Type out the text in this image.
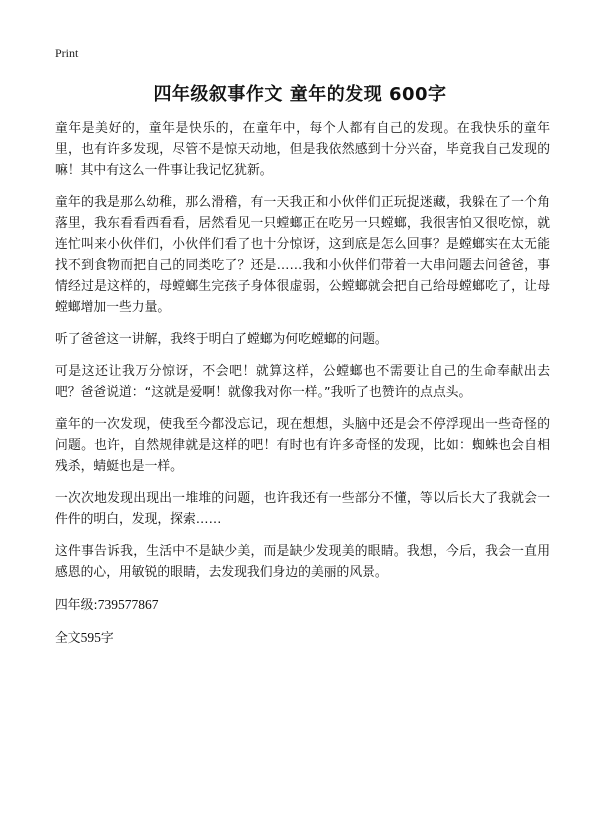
Print
四年级叙事作文 童年的发现 600字

童年是美好的，童年是快乐的，在童年中，每个人都有自己的发现。在我快乐的童年里，也有许多发现，尽管不是惊天动地，但是我依然感到十分兴奋，毕竟我自己发现的嘛！其中有这么一件事让我记忆犹新。

童年的我是那么幼稚，那么滑稽，有一天我正和小伙伴们正玩捉迷藏，我躲在了一个角落里，我东看看西看看，居然看见一只螳螂正在吃另一只螳螂，我很害怕又很吃惊，就连忙叫来小伙伴们，小伙伴们看了也十分惊讶，这到底是怎么回事？是螳螂实在太无能找不到食物而把自己的同类吃了？还是……我和小伙伴们带着一大串问题去问爸爸，事情经过是这样的，母螳螂生完孩子身体很虚弱，公螳螂就会把自己给母螳螂吃了，让母螳螂增加一些力量。

听了爸爸这一讲解，我终于明白了螳螂为何吃螳螂的问题。

可是这还让我万分惊讶，不会吧！就算这样，公螳螂也不需要让自己的生命奉献出去吧？爸爸说道：“这就是爱啊！就像我对你一样。”我听了也赞许的点点头。

童年的一次发现，使我至今都没忘记，现在想想，头脑中还是会不停浮现出一些奇怪的问题。也许，自然规律就是这样的吧！有时也有许多奇怪的发现，比如：蜘蛛也会自相残杀，蜻蜓也是一样。

一次次地发现出现出一堆堆的问题，也许我还有一些部分不懂，等以后长大了我就会一件件的明白，发现，探索……

这件事告诉我，生活中不是缺少美，而是缺少发现美的眼睛。我想，今后，我会一直用感恩的心，用敏锐的眼睛，去发现我们身边的美丽的风景。

四年级:739577867

全文595字
